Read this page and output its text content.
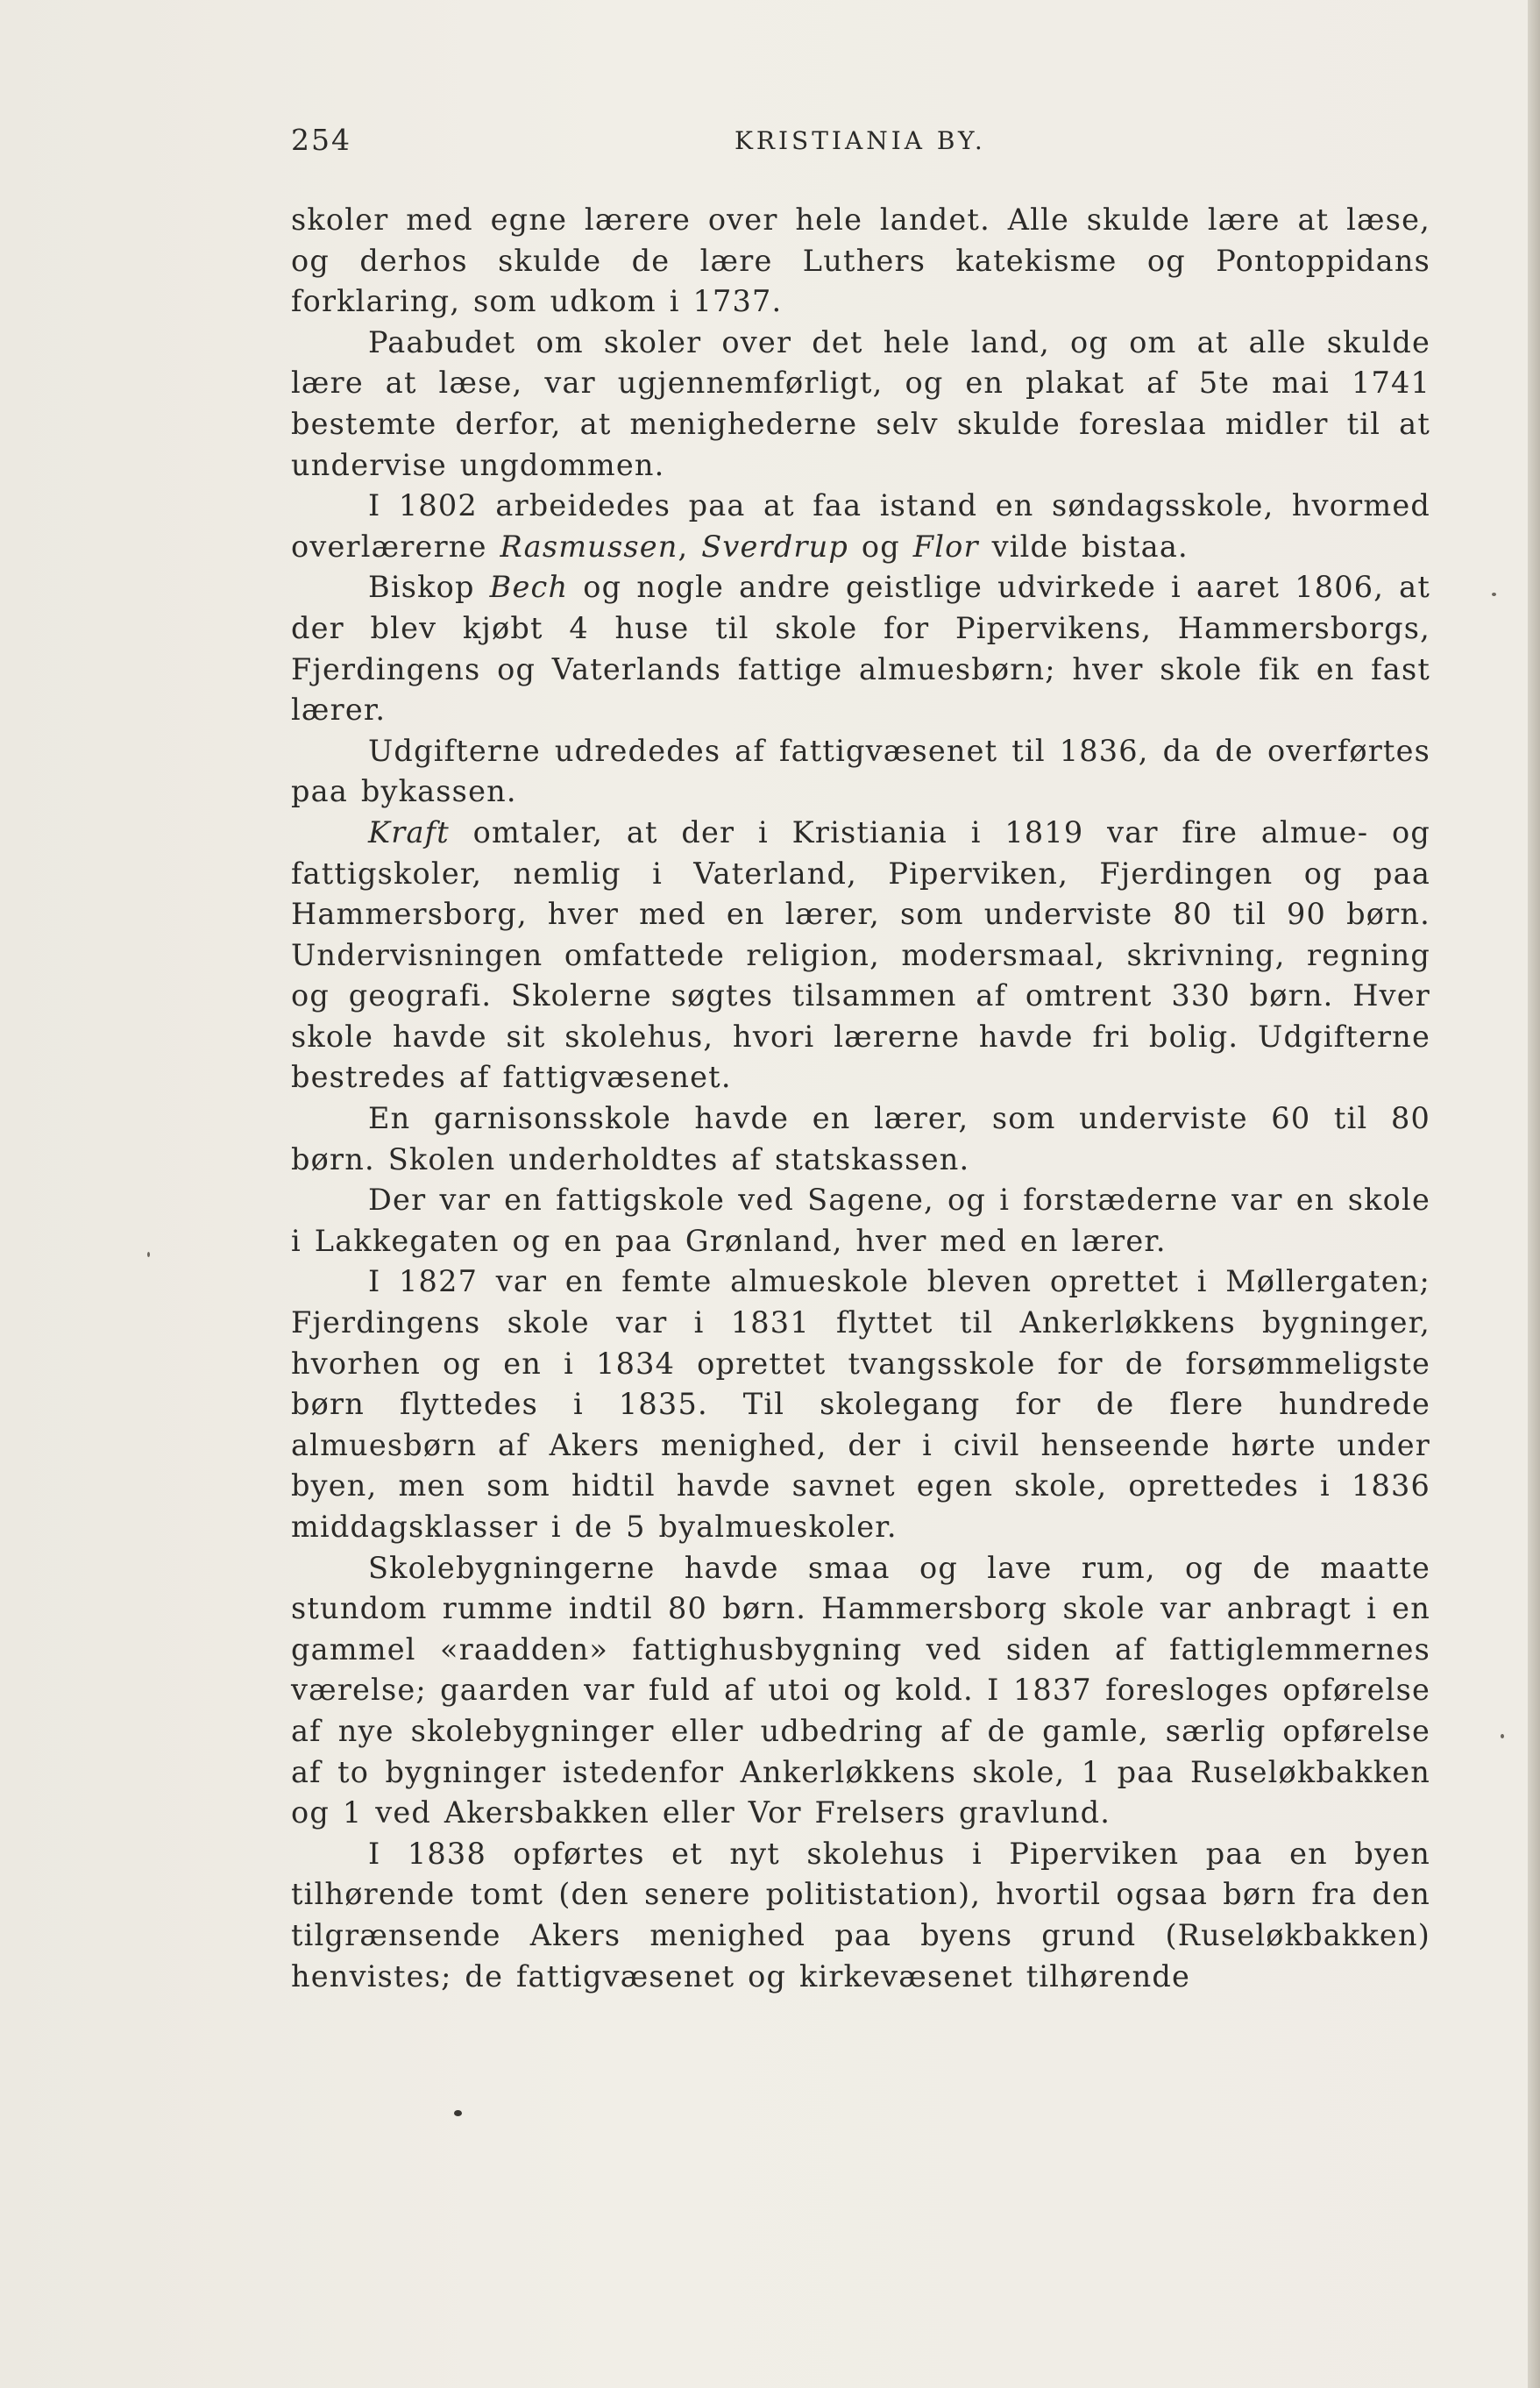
254	KRISTIANIA BY.

skoler med egne lærere over hele landet. Alle skulde lære at læse, og derhos skulde de lære Luthers katekisme og Pontoppidans forklaring, som udkom i 1737.

Paabudet om skoler over det hele land, og om at alle skulde lære at læse, var ugjennemførligt, og en plakat af 5te mai 1741 bestemte derfor, at menighederne selv skulde foreslaa midler til at undervise ungdommen.

I 1802 arbeidedes paa at faa istand en søndagsskole, hvormed overlærerne Rasmussen, Sverdrup og Flor vilde bistaa.

Biskop Bech og nogle andre geistlige udvirkede i aaret 1806, at der blev kjøbt 4 huse til skole for Pipervikens, Hammersborgs, Fjerdingens og Vaterlands fattige almuesbørn; hver skole fik en fast lærer.

Udgifterne udrededes af fattigvæsenet til 1836, da de overførtes paa bykassen.

Kraft omtaler, at der i Kristiania i 1819 var fire almue- og fattigskoler, nemlig i Vaterland, Piperviken, Fjerdingen og paa Hammersborg, hver med en lærer, som underviste 80 til 90 børn. Undervisningen omfattede religion, modersmaal, skrivning, regning og geografi. Skolerne søgtes tilsammen af omtrent 330 børn. Hver skole havde sit skolehus, hvori lærerne havde fri bolig. Udgifterne bestredes af fattigvæsenet.

En garnisonsskole havde en lærer, som underviste 60 til 80 børn. Skolen underholdtes af statskassen.

Der var en fattigskole ved Sagene, og i forstæderne var en skole i Lakkegaten og en paa Grønland, hver med en lærer.

I 1827 var en femte almueskole bleven oprettet i Møllergaten; Fjerdingens skole var i 1831 flyttet til Ankerløkkens bygninger, hvorhen og en i 1834 oprettet tvangsskole for de forsømmeligste børn flyttedes i 1835. Til skolegang for de flere hundrede almuesbørn af Akers menighed, der i civil henseende hørte under byen, men som hidtil havde savnet egen skole, oprettedes i 1836 middagsklasser i de 5 byalmueskoler.

Skolebygningerne havde smaa og lave rum, og de maatte stundom rumme indtil 80 børn. Hammersborg skole var anbragt i en gammel «raadden» fattighusbygning ved siden af fattiglemmernes værelse; gaarden var fuld af utoi og kold. I 1837 foresloges opførelse af nye skolebygninger eller udbedring af de gamle, særlig opførelse af to bygninger istedenfor Ankerløkkens skole, 1 paa Ruseløkbakken og 1 ved Akersbakken eller Vor Frelsers gravlund.

I 1838 opførtes et nyt skolehus i Piperviken paa en byen tilhørende tomt (den senere politistation), hvortil ogsaa børn fra den tilgrænsende Akers menighed paa byens grund (Ruseløkbakken) henvistes; de fattigvæsenet og kirkevæsenet tilhørende
